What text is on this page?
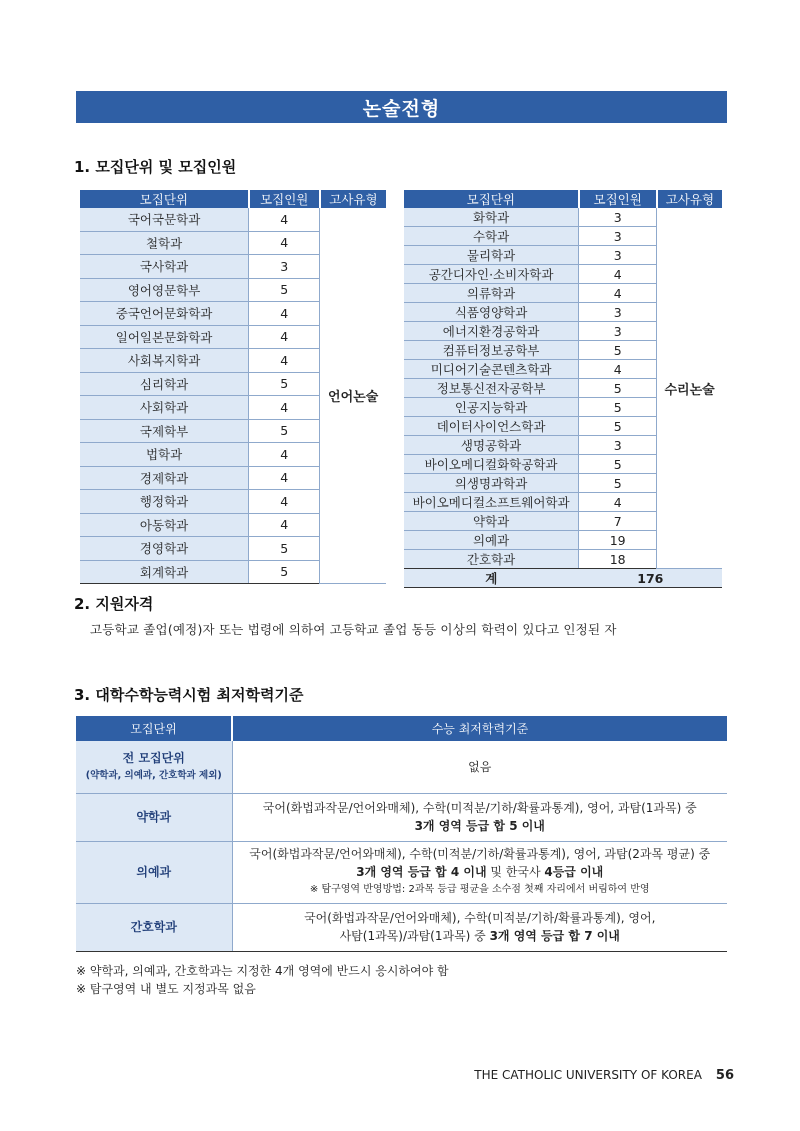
논술전형
1. 모집단위 및 모집인원
모집단위	모집인원	고사유형
국어국문학과	4	언어논술
철학과	4	
국사학과	3	
영어영문학부	5	
중국언어문화학과	4	
일어일본문화학과	4	
사회복지학과	4	
심리학과	5	
사회학과	4	
국제학부	5	
법학과	4	
경제학과	4	
행정학과	4	
아동학과	4	
경영학과	5	
회계학과	5	
모집단위	모집인원	고사유형
화학과	3	수리논술
수학과	3	
물리학과	3	
공간디자인·소비자학과	4	
의류학과	4	
식품영양학과	3	
에너지환경공학과	3	
컴퓨터정보공학부	5	
미디어기술콘텐츠학과	4	
정보통신전자공학부	5	
인공지능학과	5	
데이터사이언스학과	5	
생명공학과	3	
바이오메디컬화학공학과	5	
의생명과학과	5	
바이오메디컬소프트웨어학과	4	
약학과	7	
의예과	19	
간호학과	18	
계	176	
2. 지원자격
고등학교 졸업(예정)자 또는 법령에 의하여 고등학교 졸업 동등 이상의 학력이 있다고 인정된 자
3. 대학수학능력시험 최저학력기준
모집단위	수능 최저학력기준

전 모집단위
(약학과, 의예과, 간호학과 제외)	없음

약학과	국어(화법과작문/언어와매체), 수학(미적분/기하/확률과통계), 영어, 과탐(1과목) 중
3개 영역 등급 합 5 이내

의예과	국어(화법과작문/언어와매체), 수학(미적분/기하/확률과통계), 영어, 과탐(2과목 평균) 중
3개 영역 등급 합 4 이내 및 한국사 4등급 이내
※ 탐구영역 반영방법: 2과목 등급 평균을 소수점 첫째 자리에서 버림하여 반영

간호학과	국어(화법과작문/언어와매체), 수학(미적분/기하/확률과통계), 영어,
사탐(1과목)/과탐(1과목) 중 3개 영역 등급 합 7 이내
※ 약학과, 의예과, 간호학과는 지정한 4개 영역에 반드시 응시하여야 함
※ 탐구영역 내 별도 지정과목 없음
THE CATHOLIC UNIVERSITY OF KOREA 56
